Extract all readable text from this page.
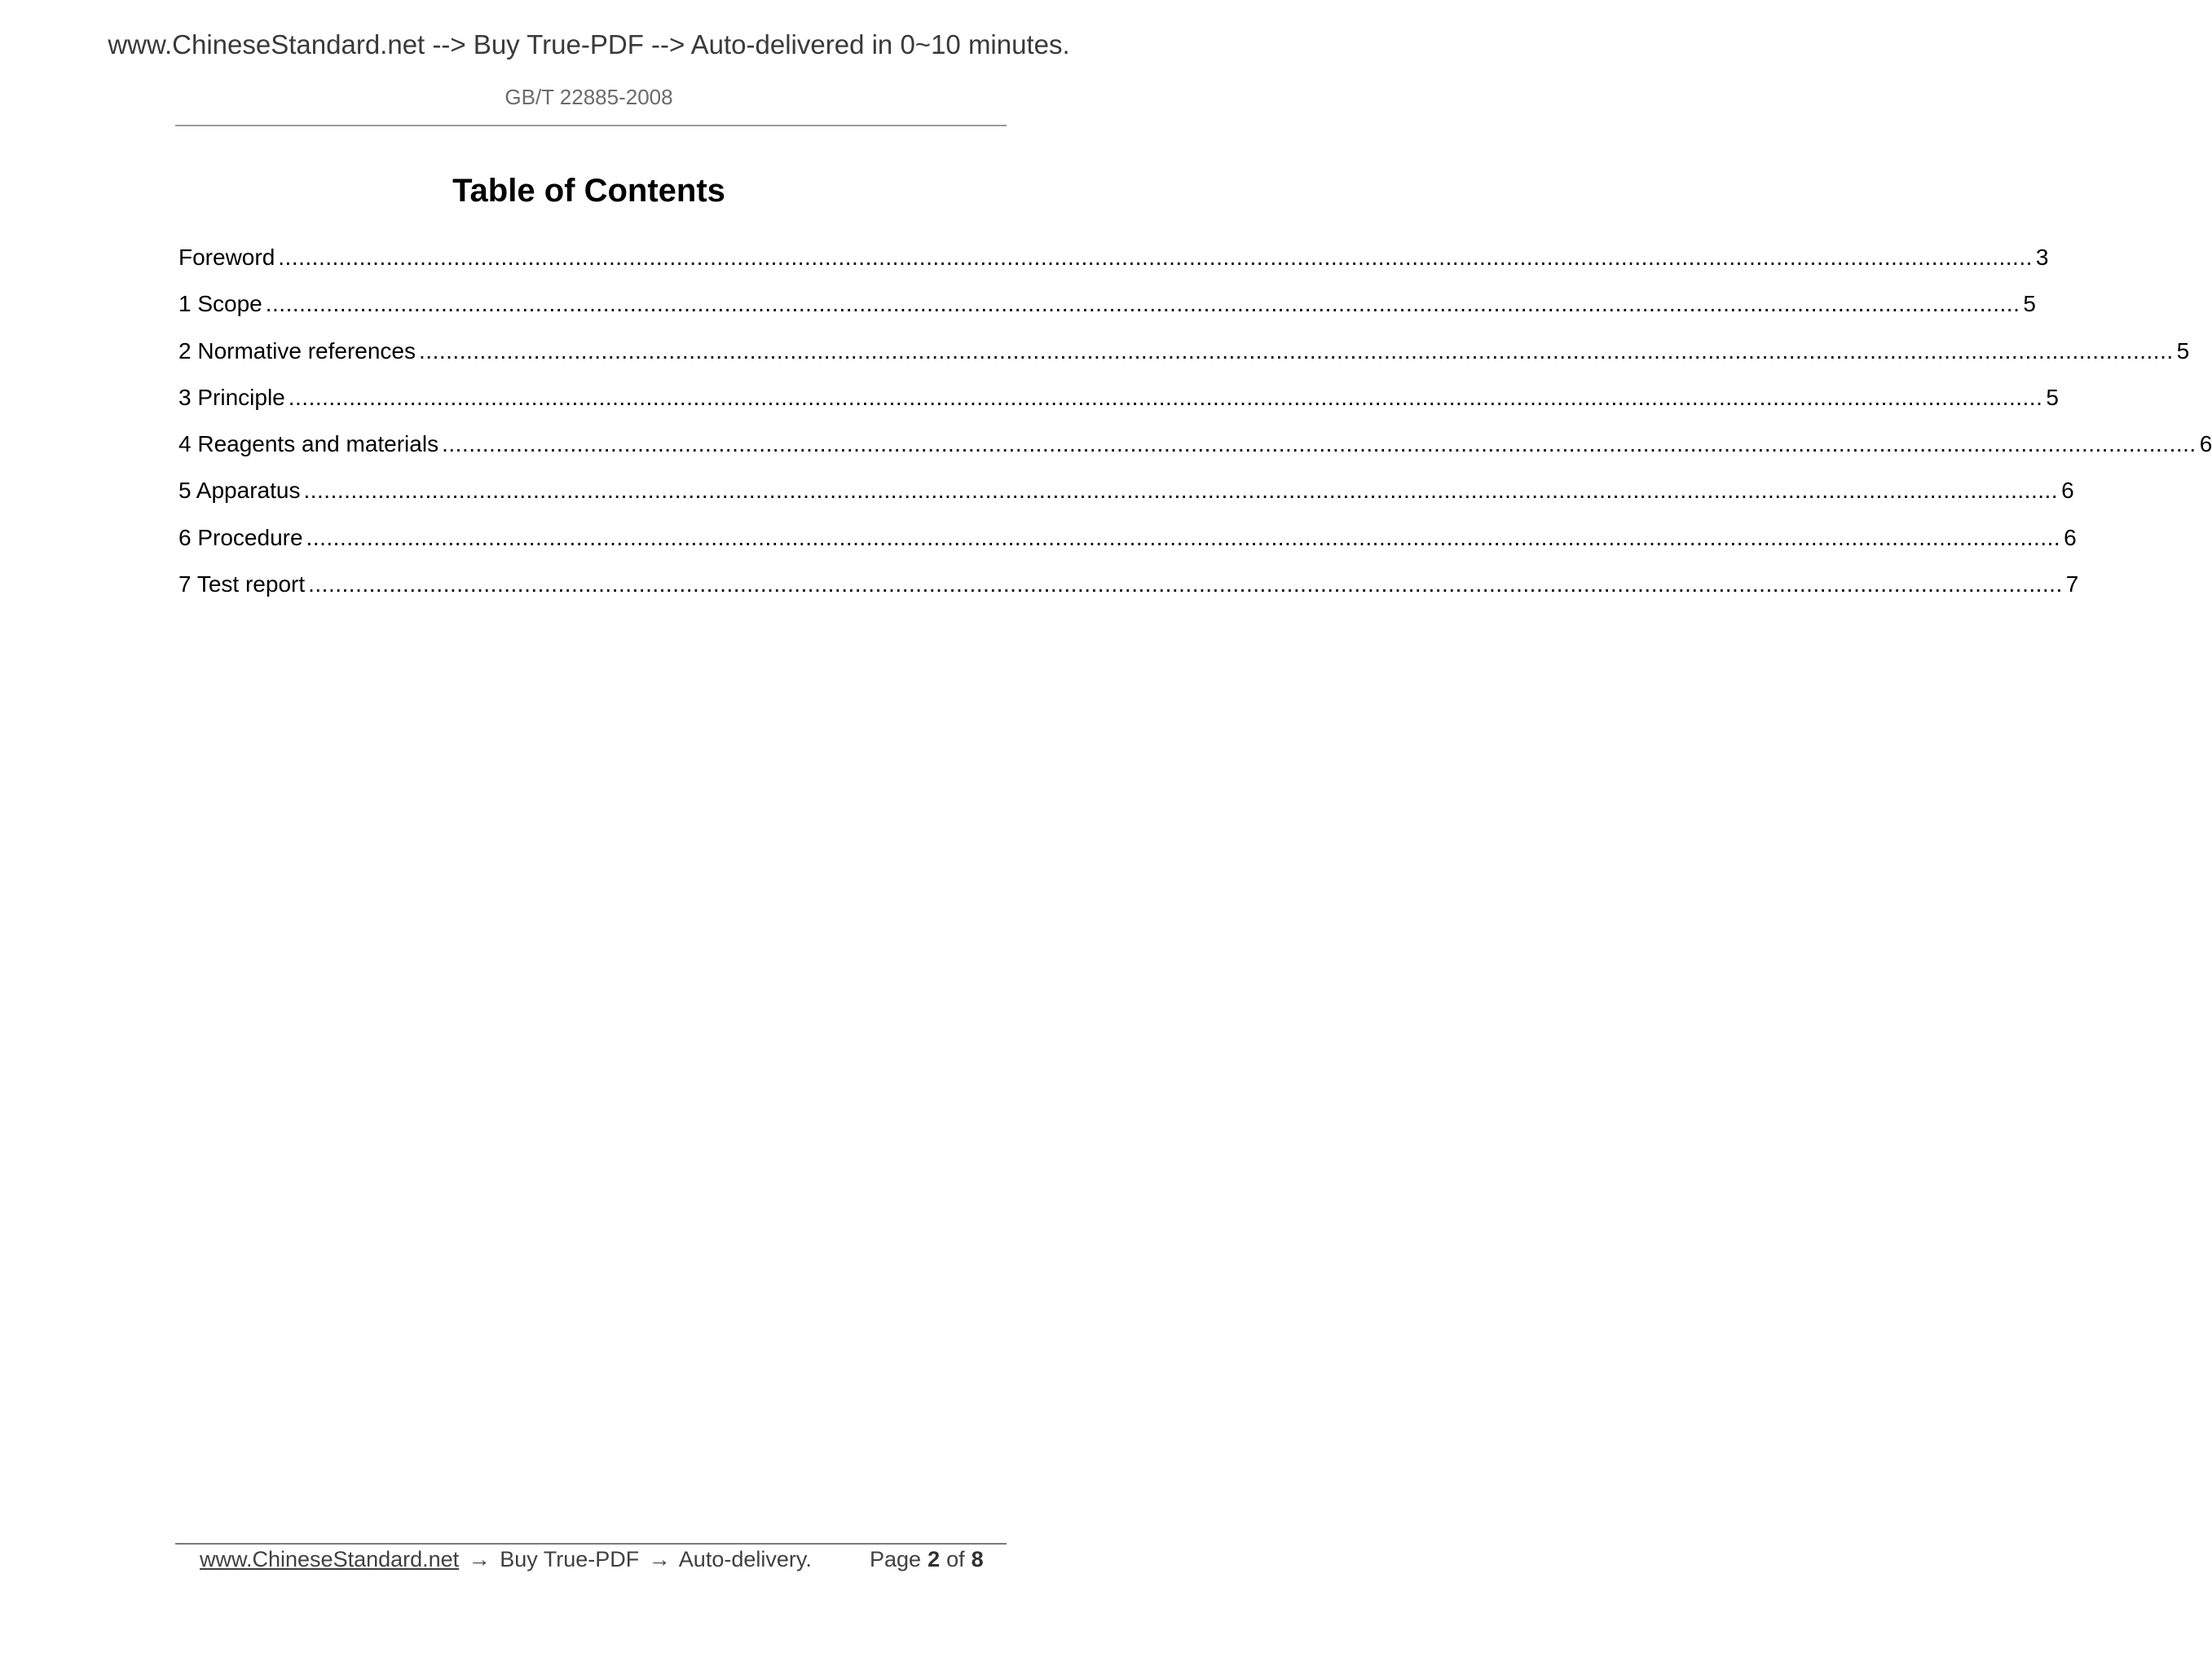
www.ChineseStandard.net --> Buy True-PDF --> Auto-delivered in 0~10 minutes.
GB/T 22885-2008
Table of Contents
Foreword .................................................................................................................................................................................................................................................................... 3
1 Scope .................................................................................................................................................................................................................................................................... 5
2 Normative references .................................................................................................................................................................................................................................................................... 5
3 Principle .................................................................................................................................................................................................................................................................... 5
4 Reagents and materials .................................................................................................................................................................................................................................................................... 6
5 Apparatus .................................................................................................................................................................................................................................................................... 6
6 Procedure .................................................................................................................................................................................................................................................................... 6
7 Test report .................................................................................................................................................................................................................................................................... 7
www.ChineseStandard.net → Buy True-PDF → Auto-delivery.	Page 2 of 8
